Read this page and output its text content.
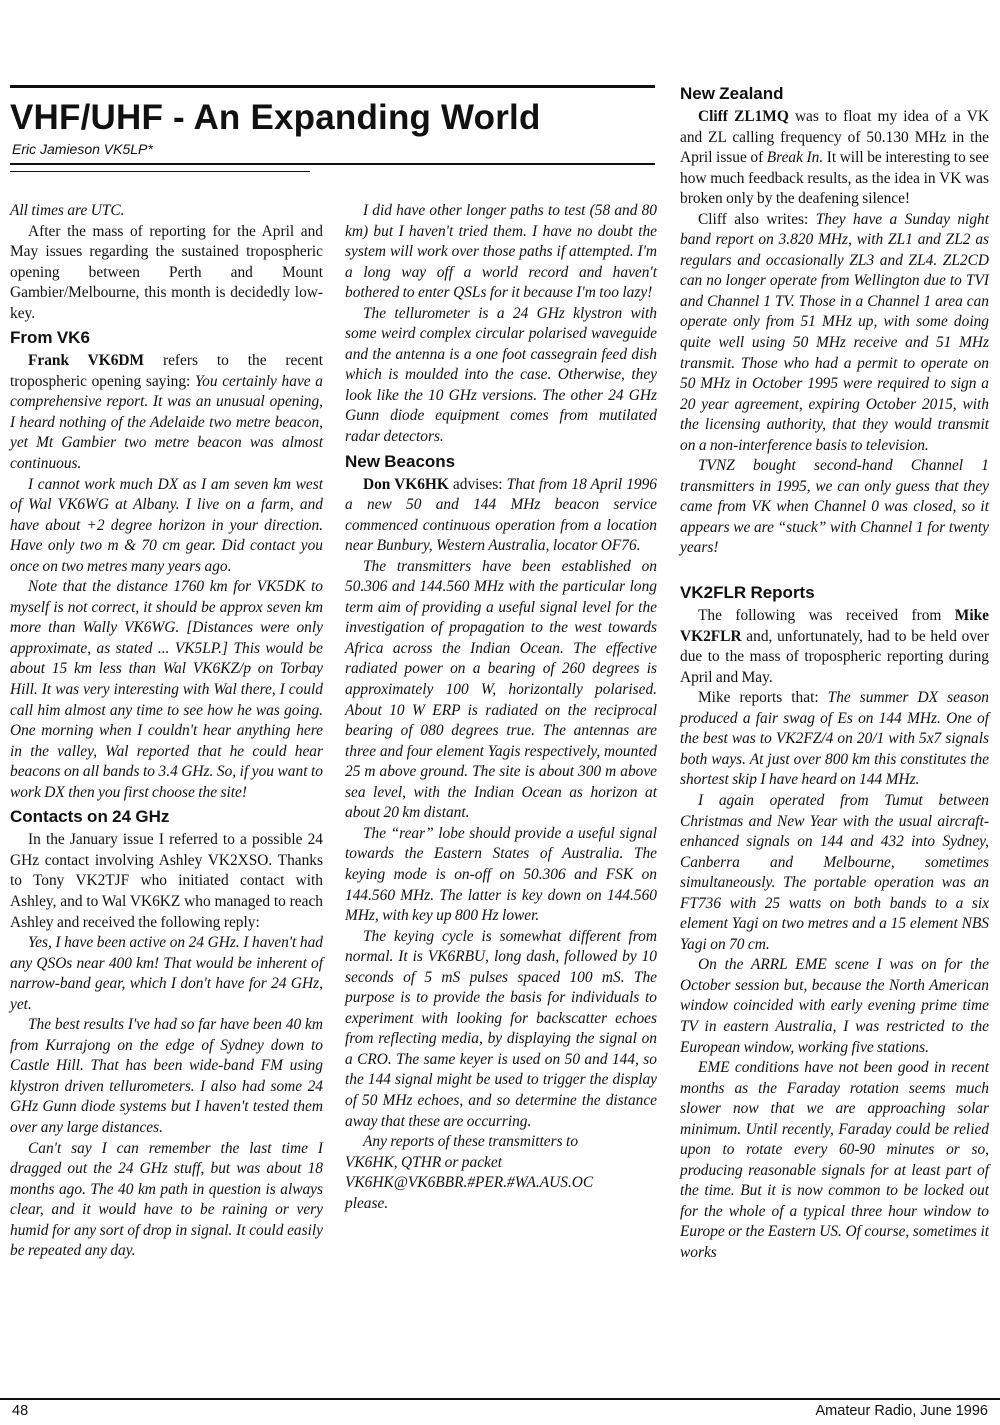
VHF/UHF - An Expanding World
Eric Jamieson VK5LP*

All times are UTC.

After the mass of reporting for the April and May issues regarding the sustained tropospheric opening between Perth and Mount Gambier/Melbourne, this month is decidedly low-key.

From VK6

Frank VK6DM refers to the recent tropospheric opening saying: You certainly have a comprehensive report. It was an unusual opening, I heard nothing of the Adelaide two metre beacon, yet Mt Gambier two metre beacon was almost continuous.

I cannot work much DX as I am seven km west of Wal VK6WG at Albany. I live on a farm, and have about +2 degree horizon in your direction. Have only two m & 70 cm gear. Did contact you once on two metres many years ago.

Note that the distance 1760 km for VK5DK to myself is not correct, it should be approx seven km more than Wally VK6WG. [Distances were only approximate, as stated ... VK5LP.] This would be about 15 km less than Wal VK6KZ/p on Torbay Hill. It was very interesting with Wal there, I could call him almost any time to see how he was going. One morning when I couldn't hear anything here in the valley, Wal reported that he could hear beacons on all bands to 3.4 GHz. So, if you want to work DX then you first choose the site!

Contacts on 24 GHz

In the January issue I referred to a possible 24 GHz contact involving Ashley VK2XSO. Thanks to Tony VK2TJF who initiated contact with Ashley, and to Wal VK6KZ who managed to reach Ashley and received the following reply:

Yes, I have been active on 24 GHz. I haven't had any QSOs near 400 km! That would be inherent of narrow-band gear, which I don't have for 24 GHz, yet.

The best results I've had so far have been 40 km from Kurrajong on the edge of Sydney down to Castle Hill. That has been wide-band FM using klystron driven tellurometers. I also had some 24 GHz Gunn diode systems but I haven't tested them over any large distances.

Can't say I can remember the last time I dragged out the 24 GHz stuff, but was about 18 months ago. The 40 km path in question is always clear, and it would have to be raining or very humid for any sort of drop in signal. It could easily be repeated any day.

I did have other longer paths to test (58 and 80 km) but I haven't tried them. I have no doubt the system will work over those paths if attempted. I'm a long way off a world record and haven't bothered to enter QSLs for it because I'm too lazy!

The tellurometer is a 24 GHz klystron with some weird complex circular polarised waveguide and the antenna is a one foot cassegrain feed dish which is moulded into the case. Otherwise, they look like the 10 GHz versions. The other 24 GHz Gunn diode equipment comes from mutilated radar detectors.

New Beacons

Don VK6HK advises: That from 18 April 1996 a new 50 and 144 MHz beacon service commenced continuous operation from a location near Bunbury, Western Australia, locator OF76.

The transmitters have been established on 50.306 and 144.560 MHz with the particular long term aim of providing a useful signal level for the investigation of propagation to the west towards Africa across the Indian Ocean. The effective radiated power on a bearing of 260 degrees is approximately 100 W, horizontally polarised. About 10 W ERP is radiated on the reciprocal bearing of 080 degrees true. The antennas are three and four element Yagis respectively, mounted 25 m above ground. The site is about 300 m above sea level, with the Indian Ocean as horizon at about 20 km distant.

The “rear” lobe should provide a useful signal towards the Eastern States of Australia. The keying mode is on-off on 50.306 and FSK on 144.560 MHz. The latter is key down on 144.560 MHz, with key up 800 Hz lower.

The keying cycle is somewhat different from normal. It is VK6RBU, long dash, followed by 10 seconds of 5 mS pulses spaced 100 mS. The purpose is to provide the basis for individuals to experiment with looking for backscatter echoes from reflecting media, by displaying the signal on a CRO. The same keyer is used on 50 and 144, so the 144 signal might be used to trigger the display of 50 MHz echoes, and so determine the distance away that these are occurring.

Any reports of these transmitters to
VK6HK, QTHR or packet
VK6HK@VK6BBR.#PER.#WA.AUS.OC
please.

New Zealand

Cliff ZL1MQ was to float my idea of a VK and ZL calling frequency of 50.130 MHz in the April issue of Break In. It will be interesting to see how much feedback results, as the idea in VK was broken only by the deafening silence!

Cliff also writes: They have a Sunday night band report on 3.820 MHz, with ZL1 and ZL2 as regulars and occasionally ZL3 and ZL4. ZL2CD can no longer operate from Wellington due to TVI and Channel 1 TV. Those in a Channel 1 area can operate only from 51 MHz up, with some doing quite well using 50 MHz receive and 51 MHz transmit. Those who had a permit to operate on 50 MHz in October 1995 were required to sign a 20 year agreement, expiring October 2015, with the licensing authority, that they would transmit on a non-interference basis to television.

TVNZ bought second-hand Channel 1 transmitters in 1995, we can only guess that they came from VK when Channel 0 was closed, so it appears we are “stuck” with Channel 1 for twenty years!

VK2FLR Reports

The following was received from Mike VK2FLR and, unfortunately, had to be held over due to the mass of tropospheric reporting during April and May.

Mike reports that: The summer DX season produced a fair swag of Es on 144 MHz. One of the best was to VK2FZ/4 on 20/1 with 5x7 signals both ways. At just over 800 km this constitutes the shortest skip I have heard on 144 MHz.

I again operated from Tumut between Christmas and New Year with the usual aircraft-enhanced signals on 144 and 432 into Sydney, Canberra and Melbourne, sometimes simultaneously. The portable operation was an FT736 with 25 watts on both bands to a six element Yagi on two metres and a 15 element NBS Yagi on 70 cm.

On the ARRL EME scene I was on for the October session but, because the North American window coincided with early evening prime time TV in eastern Australia, I was restricted to the European window, working five stations.

EME conditions have not been good in recent months as the Faraday rotation seems much slower now that we are approaching solar minimum. Until recently, Faraday could be relied upon to rotate every 60-90 minutes or so, producing reasonable signals for at least part of the time. But it is now common to be locked out for the whole of a typical three hour window to Europe or the Eastern US. Of course, sometimes it works

48	Amateur Radio, June 1996
